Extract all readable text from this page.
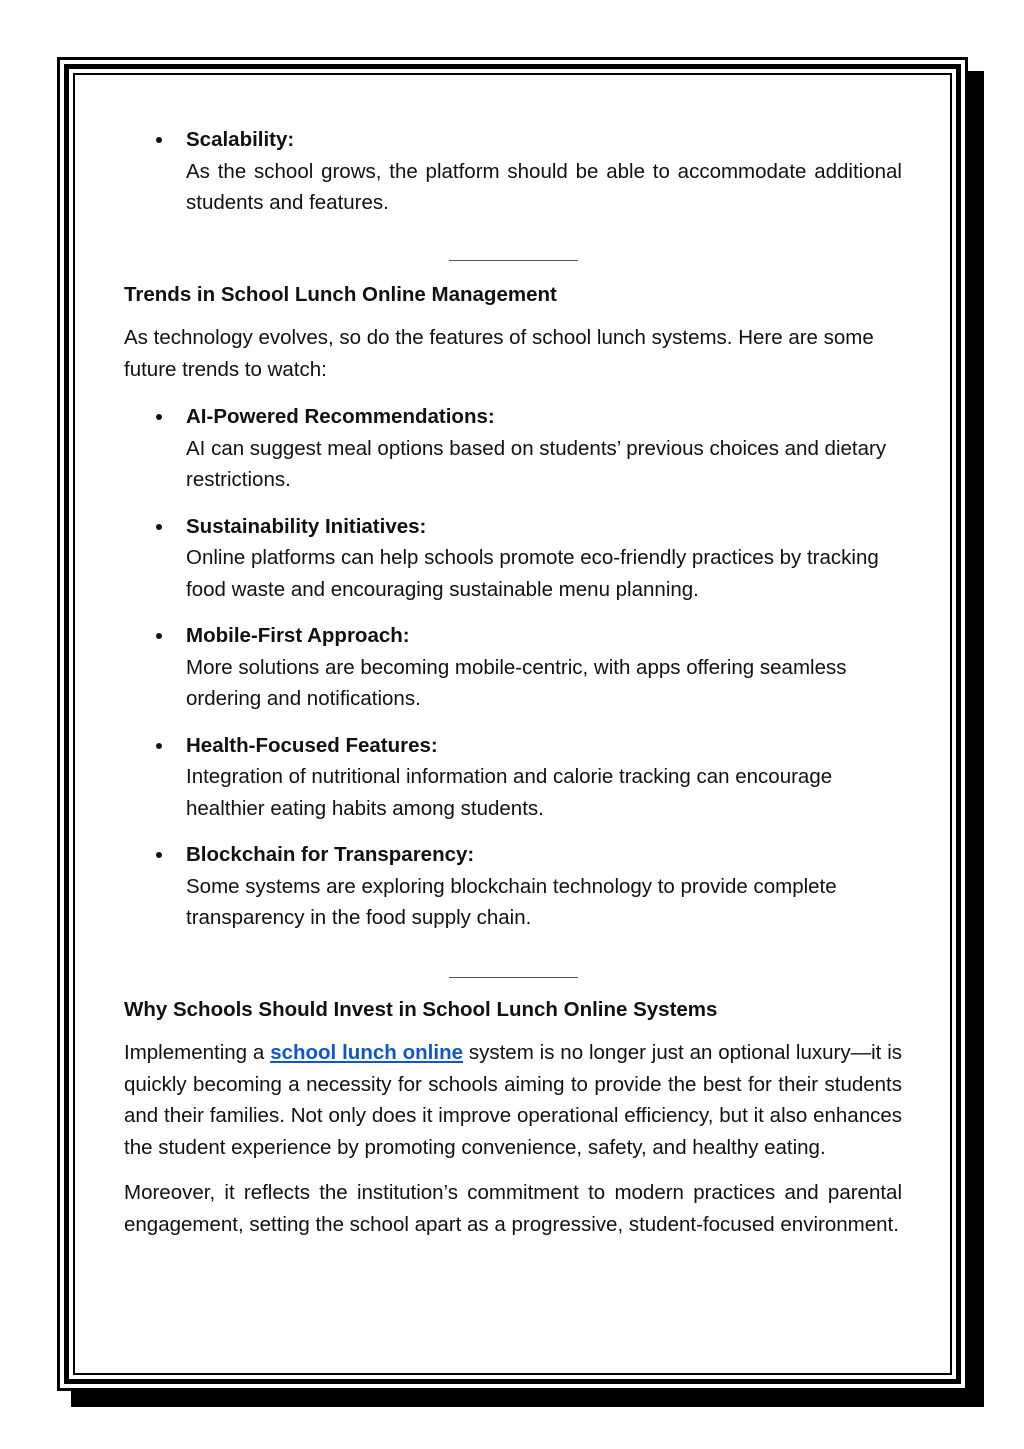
Scalability:
As the school grows, the platform should be able to accommodate additional students and features.
Trends in School Lunch Online Management

As technology evolves, so do the features of school lunch systems. Here are some future trends to watch:

AI-Powered Recommendations:
AI can suggest meal options based on students’ previous choices and dietary restrictions.
Sustainability Initiatives:
Online platforms can help schools promote eco-friendly practices by tracking food waste and encouraging sustainable menu planning.
Mobile-First Approach:
More solutions are becoming mobile-centric, with apps offering seamless ordering and notifications.
Health-Focused Features:
Integration of nutritional information and calorie tracking can encourage healthier eating habits among students.
Blockchain for Transparency:
Some systems are exploring blockchain technology to provide complete transparency in the food supply chain.
Why Schools Should Invest in School Lunch Online Systems

Implementing a school lunch online system is no longer just an optional luxury—it is quickly becoming a necessity for schools aiming to provide the best for their students and their families. Not only does it improve operational efficiency, but it also enhances the student experience by promoting convenience, safety, and healthy eating.

Moreover, it reflects the institution’s commitment to modern practices and parental engagement, setting the school apart as a progressive, student-focused environment.
